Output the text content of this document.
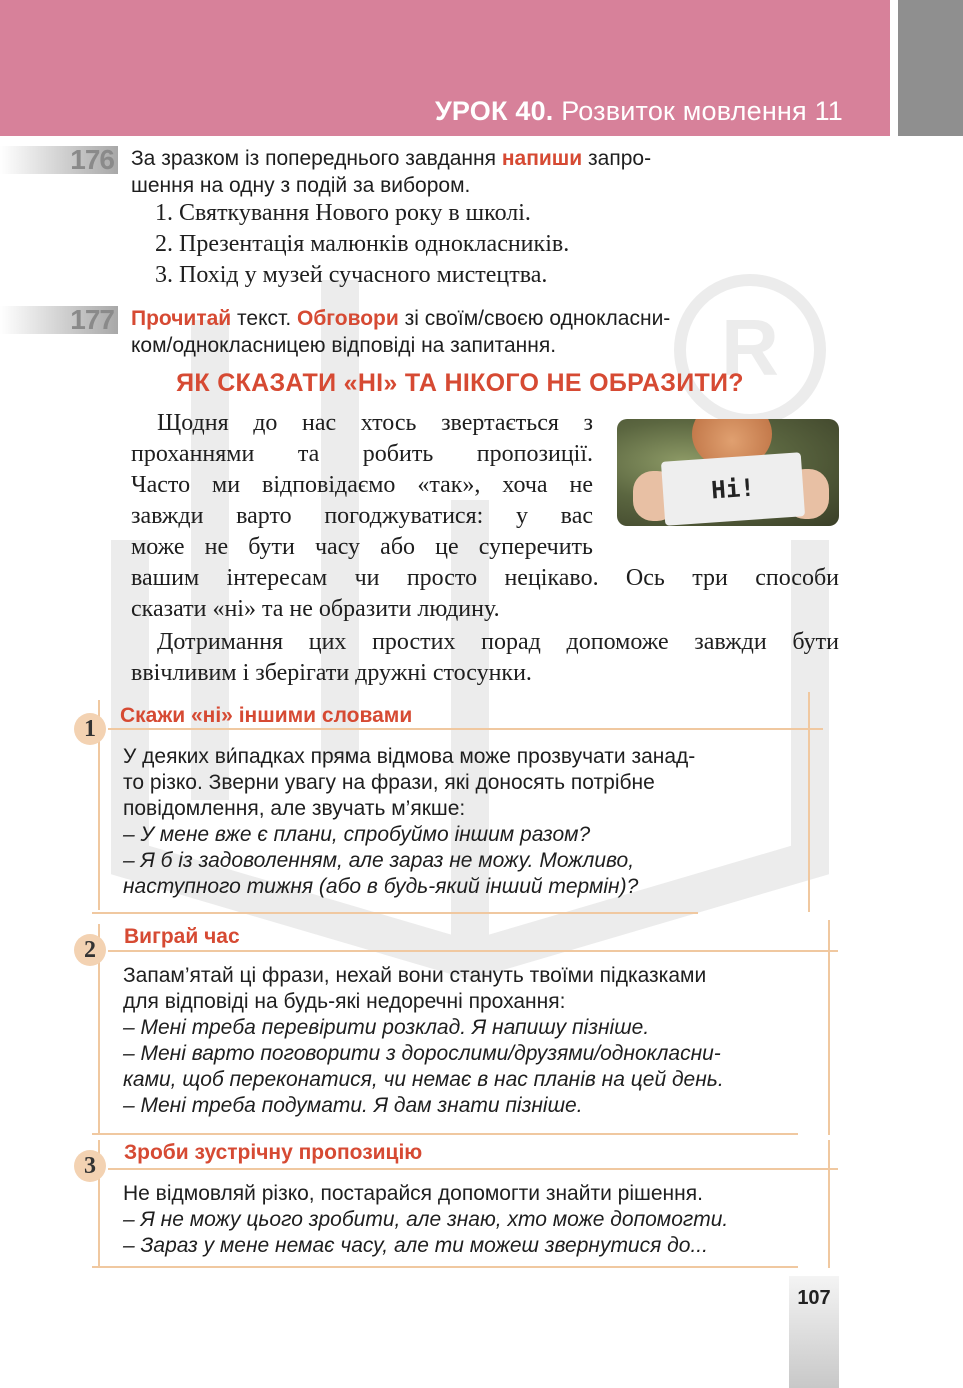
УРОК 40. Розвиток мовлення 11
R
176 За зразком із попереднього завдання напиши запро-
шення на одну з подій за вибором.
1. Святкування Нового року в школі.
2. Презентація малюнків однокласників.
3. Похід у музей сучасного мистецтва.
177 Прочитай текст. Обговори зі своїм/своєю однокласни-
ком/однокласницею відповіді на запитання.
ЯК СКАЗАТИ «НІ» ТА НІКОГО НЕ ОБРАЗИТИ?
Ні!
Щодня до нас хтось звертається з
проханнями та робить пропозиції.
Часто ми відповідаємо «так», хоча не
завжди варто погоджуватися: у вас
може не бути часу або це суперечить
вашим інтересам чи просто нецікаво. Ось три способи
сказати «ні» та не образити людину.
Дотримання цих простих порад допоможе завжди бути
ввічливим і зберігати дружні стосунки.
1
Скажи «ні» іншими словами
У деяких ви́падках пряма відмова може прозвучати занад-
то різко. Зверни увагу на фрази, які доносять потрібне
повідомлення, але звучать м’якше:
– У мене вже є плани, спробуймо іншим разом?
– Я б із задоволенням, але зараз не можу. Можливо,
наступного тижня (або в будь-який інший термін)?
2
Виграй час
Запам’ятай ці фрази, нехай вони стануть твоїми підказками
для відповіді на будь-які недоречні прохання:
– Мені треба перевірити розклад. Я напишу пізніше.
– Мені варто поговорити з дорослими/друзями/однокласни-
ками, щоб переконатися, чи немає в нас планів на цей день.
– Мені треба подумати. Я дам знати пізніше.
3
Зроби зустрічну пропозицію
Не відмовляй різко, постарайся допомогти знайти рішення.
– Я не можу цього зробити, але знаю, хто може допомогти.
– Зараз у мене немає часу, але ти можеш звернутися до...
107
